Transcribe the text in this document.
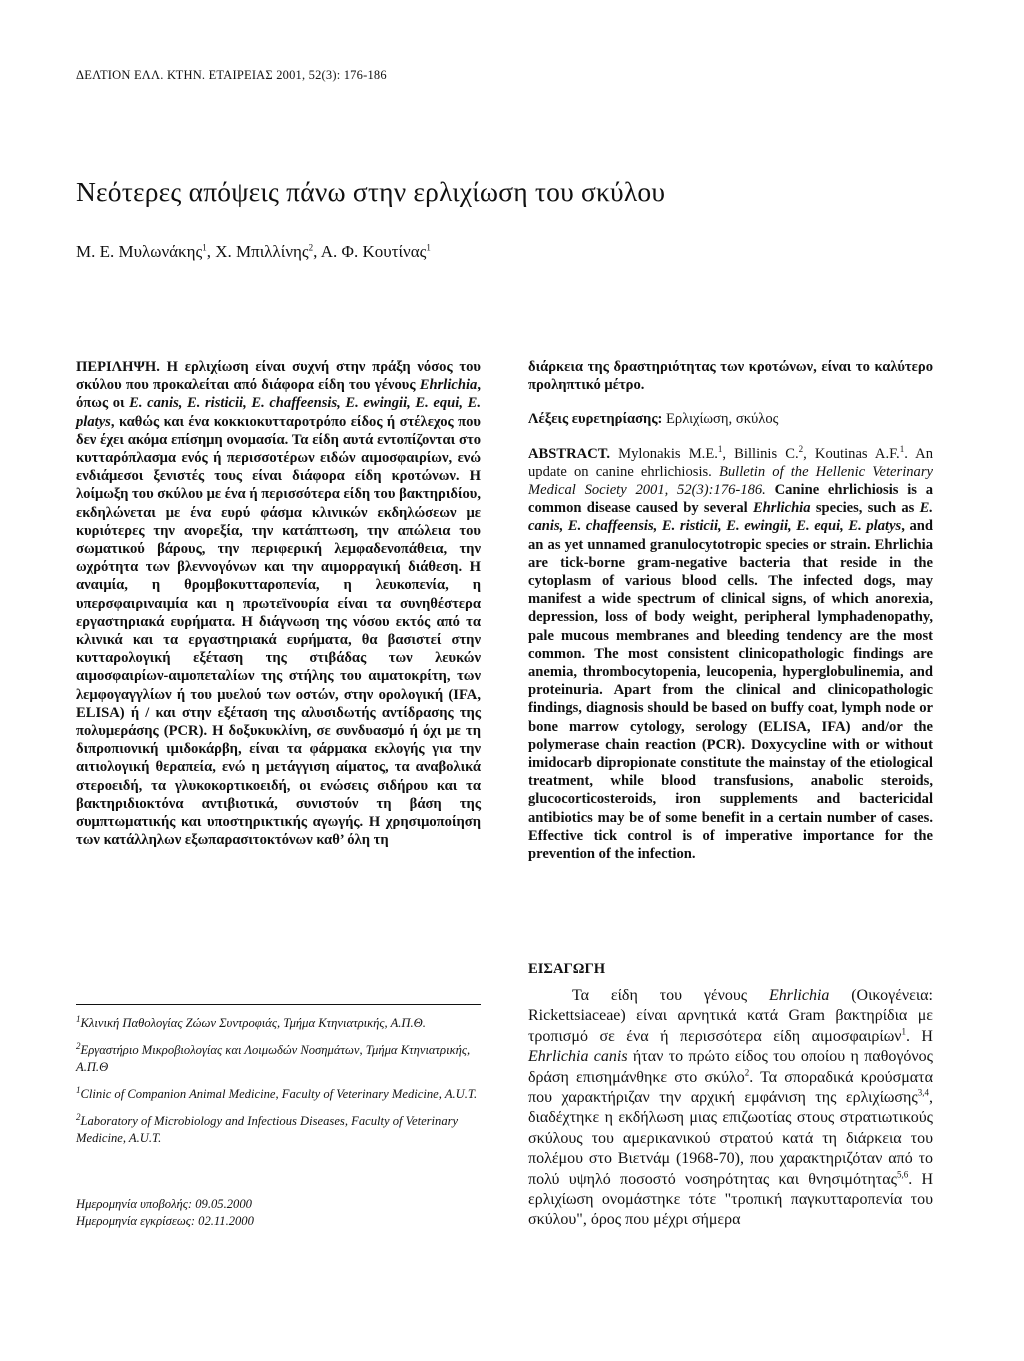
ΔΕΛΤΙΟΝ ΕΛΛ. ΚΤΗΝ. ΕΤΑΙΡΕΙΑΣ 2001, 52(3): 176-186
Νεότερες απόψεις πάνω στην ερλιχίωση του σκύλου
Μ. Ε. Μυλωνάκης$^1$, Χ. Μπιλλίνης$^2$, Α. Φ. Κουτίνας$^1$

ΠΕΡΙΛΗΨΗ. Η ερλιχίωση είναι συχνή στην πράξη νόσος του σκύλου που προκαλείται από διάφορα είδη του γένους Ehrlichia, όπως οι E. canis, E. risticii, E. chaffeensis, E. ewingii, E. equi, E. platys, καθώς και ένα κοκκιοκυτταροτρόπο είδος ή στέλεχος που δεν έχει ακόμα επίσημη ονομασία. Τα είδη αυτά εντοπίζονται στο κυτταρόπλασμα ενός ή περισσοτέρων ειδών αιμοσφαιρίων, ενώ ενδιάμεσοι ξενιστές τους είναι διάφορα είδη κροτώνων. Η λοίμωξη του σκύλου με ένα ή περισσότερα είδη του βακτηριδίου, εκδηλώνεται με ένα ευρύ φάσμα κλινικών εκδηλώσεων με κυριότερες την ανορεξία, την κατάπτωση, την απώλεια του σωματικού βάρους, την περιφερική λεμφαδενοπάθεια, την ωχρότητα των βλεννογόνων και την αιμορραγική διάθεση. Η αναιμία, η θρομβοκυτταροπενία, η λευκοπενία, η υπερσφαιριναιμία και η πρωτεϊνουρία είναι τα συνηθέστερα εργαστηριακά ευρήματα. Η διάγνωση της νόσου εκτός από τα κλινικά και τα εργαστηριακά ευρήματα, θα βασιστεί στην κυτταρολογική εξέταση της στιβάδας των λευκών αιμοσφαιρίων-αιμοπεταλίων της στήλης του αιματοκρίτη, των λεμφογαγγλίων ή του μυελού των οστών, στην ορολογική (IFA, ELISA) ή / και στην εξέταση της αλυσιδωτής αντίδρασης της πολυμεράσης (PCR). Η δοξυκυκλίνη, σε συνδυασμό ή όχι με τη διπροπιονική ιμιδοκάρβη, είναι τα φάρμακα εκλογής για την αιτιολογική θεραπεία, ενώ η μετάγγιση αίματος, τα αναβολικά στεροειδή, τα γλυκοκορτικοειδή, οι ενώσεις σιδήρου και τα βακτηριδιοκτόνα αντιβιοτικά, συνιστούν τη βάση της συμπτωματικής και υποστηρικτικής αγωγής. Η χρησιμοποίηση των κατάλληλων εξωπαρασιτοκτόνων καθ’ όλη τη

διάρκεια της δραστηριότητας των κροτώνων, είναι το καλύτερο προληπτικό μέτρο.

Λέξεις ευρετηρίασης: Ερλιχίωση, σκύλος

ABSTRACT. Mylonakis M.E.$^1$, Billinis C.$^2$, Koutinas A.F.$^1$. An update on canine ehrlichiosis. Bulletin of the Hellenic Veterinary Medical Society 2001, 52(3):176-186. Canine ehrlichiosis is a common disease caused by several Ehrlichia species, such as E. canis, E. chaffeensis, E. risticii, E. ewingii, E. equi, E. platys, and an as yet unnamed granulocytotropic species or strain. Ehrlichia are tick-borne gram-negative bacteria that reside in the cytoplasm of various blood cells. The infected dogs, may manifest a wide spectrum of clinical signs, of which anorexia, depression, loss of body weight, peripheral lymphadenopathy, pale mucous membranes and bleeding tendency are the most common. The most consistent clinicopathologic findings are anemia, thrombocytopenia, leucopenia, hyperglobulinemia, and proteinuria. Apart from the clinical and clinicopathologic findings, diagnosis should be based on buffy coat, lymph node or bone marrow cytology, serology (ELISA, IFA) and/or the polymerase chain reaction (PCR). Doxycycline with or without imidocarb dipropionate constitute the mainstay of the etiological treatment, while blood transfusions, anabolic steroids, glucocorticosteroids, iron supplements and bactericidal antibiotics may be of some benefit in a certain number of cases. Effective tick control is of imperative importance for the prevention of the infection.

$^1$Κλινική Παθολογίας Ζώων Συντροφιάς, Τμήμα Κτηνιατρικής, Α.Π.Θ.

$^2$Εργαστήριο Μικροβιολογίας και Λοιμωδών Νοσημάτων, Τμήμα Κτηνιατρικής, Α.Π.Θ

$^1$Clinic of Companion Animal Medicine, Faculty of Veterinary Medicine, A.U.T.

$^2$Laboratory of Microbiology and Infectious Diseases, Faculty of Veterinary Medicine, A.U.T.

Ημερομηνία υποβολής: 09.05.2000
Ημερομηνία εγκρίσεως: 02.11.2000
ΕΙΣΑΓΩΓΗ

Τα είδη του γένους Ehrlichia (Οικογένεια: Rickettsiaceae) είναι αρνητικά κατά Gram βακτηρίδια με τροπισμό σε ένα ή περισσότερα είδη αιμοσφαιρίων$^1$. Η Ehrlichia canis ήταν το πρώτο είδος του οποίου η παθογόνος δράση επισημάνθηκε στο σκύλο$^2$. Τα σποραδικά κρούσματα που χαρακτήριζαν την αρχική εμφάνιση της ερλιχίωσης$^{3,4}$, διαδέχτηκε η εκδήλωση μιας επιζωοτίας στους στρατιωτικούς σκύλους του αμερικανικού στρατού κατά τη διάρκεια του πολέμου στο Βιετνάμ (1968-70), που χαρακτηριζόταν από το πολύ υψηλό ποσοστό νοσηρότητας και θνησιμότητας$^{5,6}$. Η ερλιχίωση ονομάστηκε τότε "τροπική παγκυτταροπενία του σκύλου", όρος που μέχρι σήμερα
